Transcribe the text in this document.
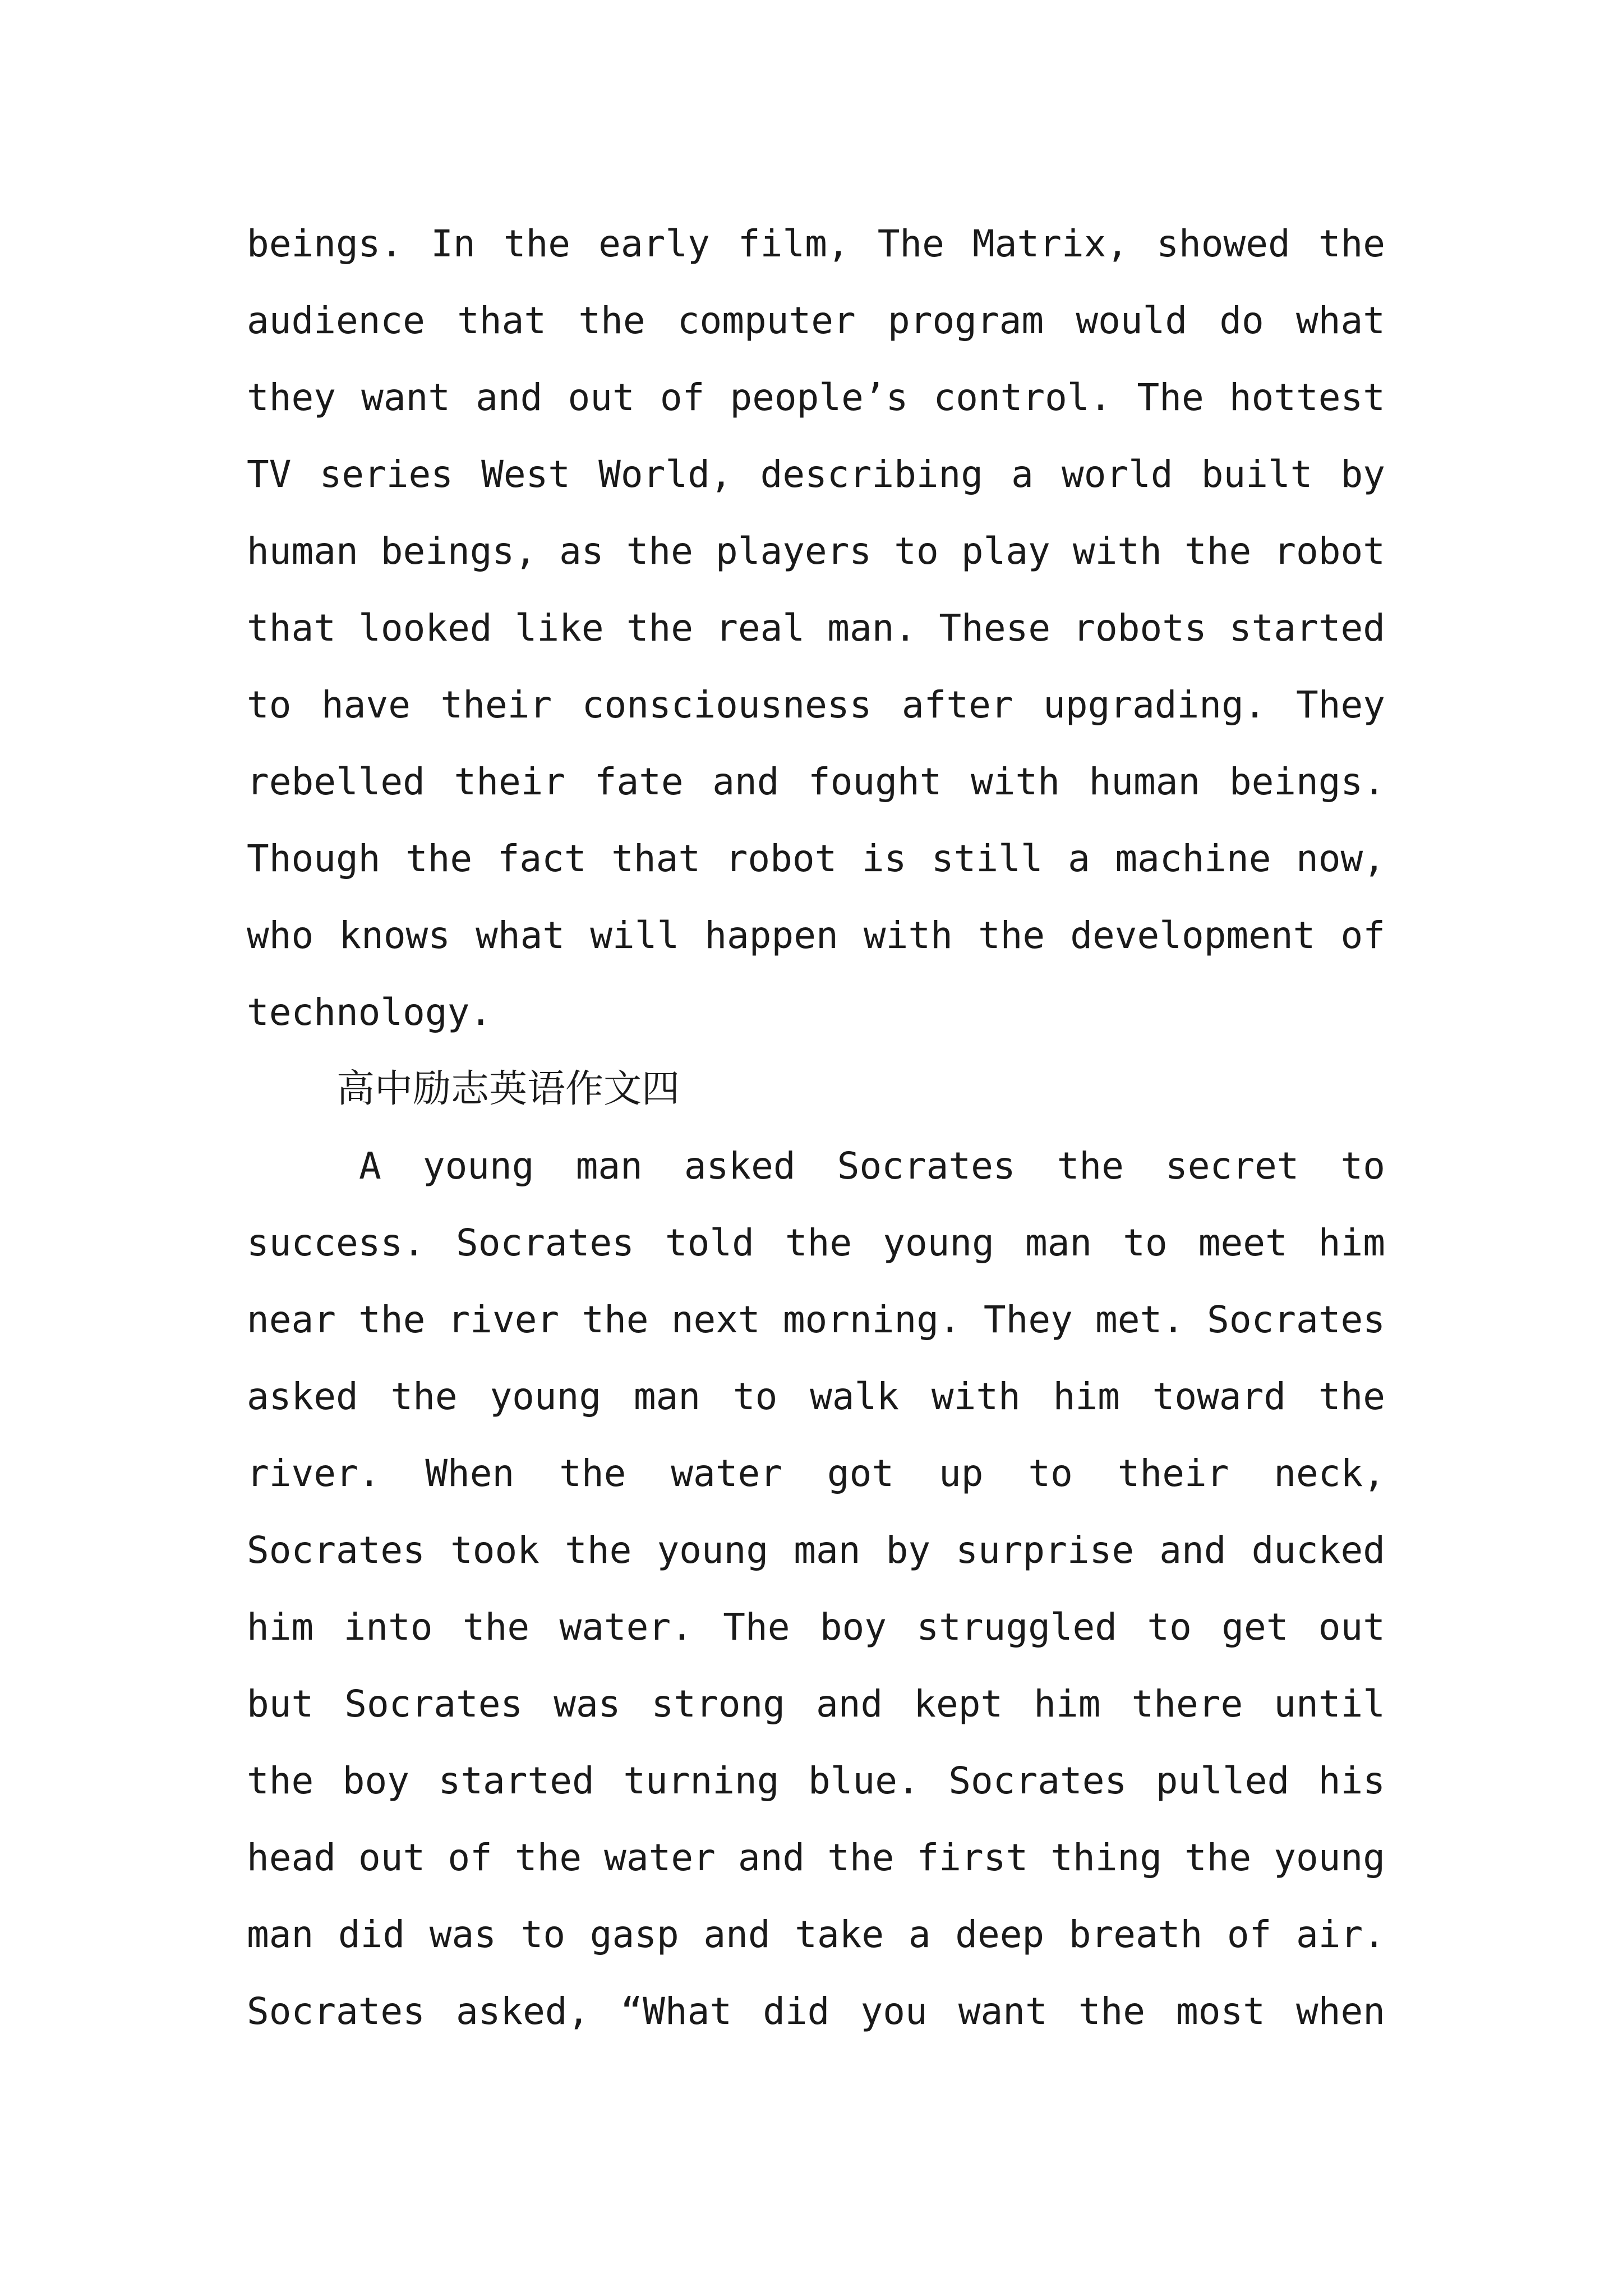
beings. In the early film, The Matrix, showed the
audience that the computer program would do what
they want and out of people’s control. The hottest
TV series West World, describing a world built by
human beings, as the players to play with the robot
that looked like the real man. These robots started
to have their consciousness after upgrading. They
rebelled their fate and fought with human beings.
Though the fact that robot is still a machine now,
who knows what will happen with the development of
technology.
高中励志英语作文四
A young man asked Socrates the secret to
success. Socrates told the young man to meet him
near the river the next morning. They met. Socrates
asked the young man to walk with him toward the
river. When the water got up to their neck,
Socrates took the young man by surprise and ducked
him into the water. The boy struggled to get out
but Socrates was strong and kept him there until
the boy started turning blue. Socrates pulled his
head out of the water and the first thing the young
man did was to gasp and take a deep breath of air.
Socrates asked, “What did you want the most when
